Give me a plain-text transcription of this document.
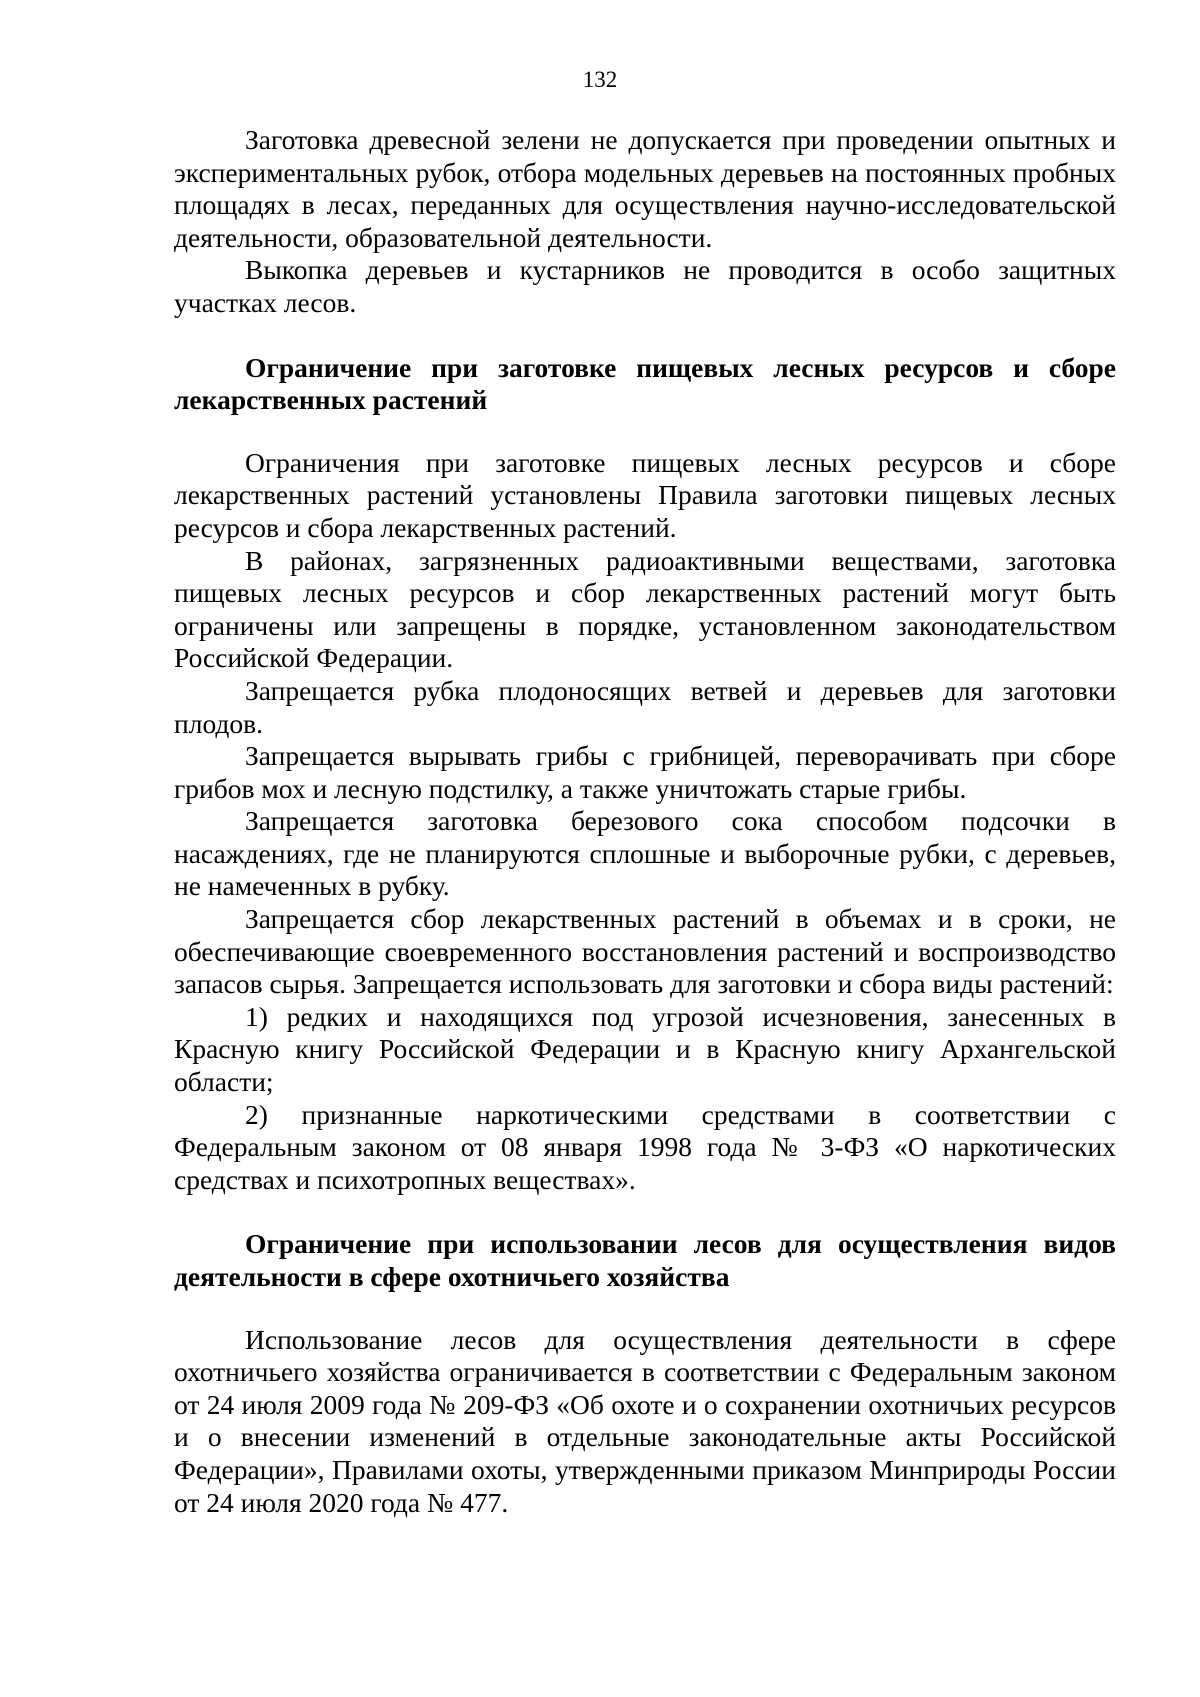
132

Заготовка древесной зелени не допускается при проведении опытных и экспериментальных рубок, отбора модельных деревьев на постоянных пробных площадях в лесах, переданных для осуществления научно-исследовательской деятельности, образовательной деятельности.

Выкопка деревьев и кустарников не проводится в особо защитных участках лесов.

Ограничение при заготовке пищевых лесных ресурсов и сборе лекарственных растений

Ограничения при заготовке пищевых лесных ресурсов и сборе лекарственных растений установлены Правила заготовки пищевых лесных ресурсов и сбора лекарственных растений.

В районах, загрязненных радиоактивными веществами, заготовка пищевых лесных ресурсов и сбор лекарственных растений могут быть ограничены или запрещены в порядке, установленном законодательством Российской Федерации.

Запрещается рубка плодоносящих ветвей и деревьев для заготовки плодов.

Запрещается вырывать грибы с грибницей, переворачивать при сборе грибов мох и лесную подстилку, а также уничтожать старые грибы.

Запрещается заготовка березового сока способом подсочки в насаждениях, где не планируются сплошные и выборочные рубки, с деревьев, не намеченных в рубку.

Запрещается сбор лекарственных растений в объемах и в сроки, не обеспечивающие своевременного восстановления растений и воспроизводство запасов сырья. Запрещается использовать для заготовки и сбора виды растений:

1) редких и находящихся под угрозой исчезновения, занесенных в Красную книгу Российской Федерации и в Красную книгу Архангельской области;

2) признанные наркотическими средствами в соответствии с Федеральным законом от 08 января 1998 года № 3-ФЗ «О наркотических средствах и психотропных веществах».

Ограничение при использовании лесов для осуществления видов деятельности в сфере охотничьего хозяйства

Использование лесов для осуществления деятельности в сфере охотничьего хозяйства ограничивается в соответствии с Федеральным законом от 24 июля 2009 года № 209-ФЗ «Об охоте и о сохранении охотничьих ресурсов и о внесении изменений в отдельные законодательные акты Российской Федерации», Правилами охоты, утвержденными приказом Минприроды России от 24 июля 2020 года № 477.
